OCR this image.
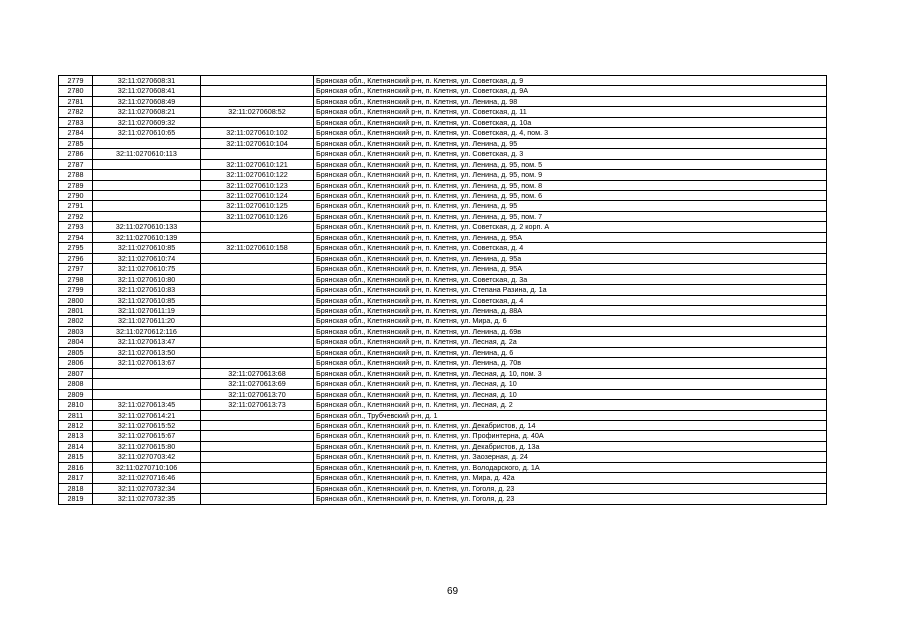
2779	32:11:0270608:31		Брянская обл., Клетнянский р-н, п. Клетня, ул. Советская, д. 9
2780	32:11:0270608:41		Брянская обл., Клетнянский р-н, п. Клетня, ул. Советская, д. 9А
2781	32:11:0270608:49		Брянская обл., Клетнянский р-н, п. Клетня, ул. Ленина, д. 98
2782	32:11:0270608:21	32:11:0270608:52	Брянская обл., Клетнянский р-н, п. Клетня, ул. Советская, д. 11
2783	32:11:0270609:32		Брянская обл., Клетнянский р-н, п. Клетня, ул. Советская, д. 10а
2784	32:11:0270610:65	32:11:0270610:102	Брянская обл., Клетнянский р-н, п. Клетня, ул. Советская, д. 4, пом. 3
2785		32:11:0270610:104	Брянская обл., Клетнянский р-н, п. Клетня, ул. Ленина, д. 95
2786	32:11:0270610:113		Брянская обл., Клетнянский р-н, п. Клетня, ул. Советская, д. 3
2787		32:11:0270610:121	Брянская обл., Клетнянский р-н, п. Клетня, ул. Ленина, д. 95, пом. 5
2788		32:11:0270610:122	Брянская обл., Клетнянский р-н, п. Клетня, ул. Ленина, д. 95, пом. 9
2789		32:11:0270610:123	Брянская обл., Клетнянский р-н, п. Клетня, ул. Ленина, д. 95, пом. 8
2790		32:11:0270610:124	Брянская обл., Клетнянский р-н, п. Клетня, ул. Ленина, д. 95, пом. 6
2791		32:11:0270610:125	Брянская обл., Клетнянский р-н, п. Клетня, ул. Ленина, д. 95
2792		32:11:0270610:126	Брянская обл., Клетнянский р-н, п. Клетня, ул. Ленина, д. 95, пом. 7
2793	32:11:0270610:133		Брянская обл., Клетнянский р-н, п. Клетня, ул. Советская, д. 2 корп. А
2794	32:11:0270610:139		Брянская обл., Клетнянский р-н, п. Клетня, ул. Ленина, д. 95А
2795	32:11:0270610:85	32:11:0270610:158	Брянская обл., Клетнянский р-н, п. Клетня, ул. Советская, д. 4
2796	32:11:0270610:74		Брянская обл., Клетнянский р-н, п. Клетня, ул. Ленина, д. 95а
2797	32:11:0270610:75		Брянская обл., Клетнянский р-н, п. Клетня, ул. Ленина, д. 95А
2798	32:11:0270610:80		Брянская обл., Клетнянский р-н, п. Клетня, ул. Советская, д. 3а
2799	32:11:0270610:83		Брянская обл., Клетнянский р-н, п. Клетня, ул. Степана Разина, д. 1а
2800	32:11:0270610:85		Брянская обл., Клетнянский р-н, п. Клетня, ул. Советская, д. 4
2801	32:11:0270611:19		Брянская обл., Клетнянский р-н, п. Клетня, ул. Ленина, д. 88А
2802	32:11:0270611:20		Брянская обл., Клетнянский р-н, п. Клетня, ул. Мира, д. 6
2803	32:11:0270612:116		Брянская обл., Клетнянский р-н, п. Клетня, ул. Ленина, д. 69в
2804	32:11:0270613:47		Брянская обл., Клетнянский р-н, п. Клетня, ул. Лесная, д. 2а
2805	32:11:0270613:50		Брянская обл., Клетнянский р-н, п. Клетня, ул. Ленина, д. 6
2806	32:11:0270613:67		Брянская обл., Клетнянский р-н, п. Клетня, ул. Ленина, д. 70в
2807		32:11:0270613:68	Брянская обл., Клетнянский р-н, п. Клетня, ул. Лесная, д. 10, пом. 3
2808		32:11:0270613:69	Брянская обл., Клетнянский р-н, п. Клетня, ул. Лесная, д. 10
2809		32:11:0270613:70	Брянская обл., Клетнянский р-н, п. Клетня, ул. Лесная, д. 10
2810	32:11:0270613:45	32:11:0270613:73	Брянская обл., Клетнянский р-н, п. Клетня, ул. Лесная, д. 2
2811	32:11:0270614:21		Брянская обл., Трубчевский р-н, д. 1
2812	32:11:0270615:52		Брянская обл., Клетнянский р-н, п. Клетня, ул. Декабристов, д. 14
2813	32:11:0270615:67		Брянская обл., Клетнянский р-н, п. Клетня, ул. Профинтерна, д. 40А
2814	32:11:0270615:80		Брянская обл., Клетнянский р-н, п. Клетня, ул. Декабристов, д. 13а
2815	32:11:0270703:42		Брянская обл., Клетнянский р-н, п. Клетня, ул. Заозерная, д. 24
2816	32:11:0270710:106		Брянская обл., Клетнянский р-н, п. Клетня, ул. Володарского, д. 1А
2817	32:11:0270716:46		Брянская обл., Клетнянский р-н, п. Клетня, ул. Мира, д. 42а
2818	32:11:0270732:34		Брянская обл., Клетнянский р-н, п. Клетня, ул. Гоголя, д. 23
2819	32:11:0270732:35		Брянская обл., Клетнянский р-н, п. Клетня, ул. Гоголя, д. 23
69
